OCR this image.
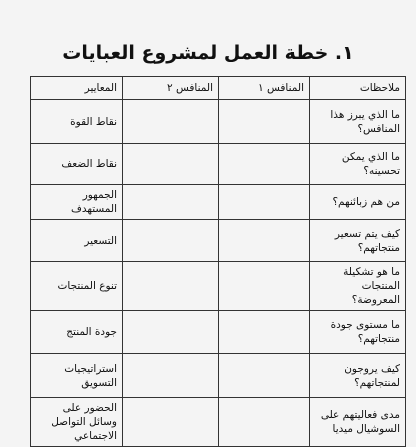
١. خطة العمل لمشروع العبايات
ملاحظات	المنافس ١	المنافس ٢	المعايير
ما الذي يبرز هذا المنافس؟			نقاط القوة
ما الذي يمكن تحسينه؟			نقاط الضعف
من هم زبائنهم؟			الجمهور المستهدف
كيف يتم تسعير منتجاتهم؟			التسعير
ما هو تشكيلة المنتجات المعروضة؟			تنوع المنتجات
ما مستوى جودة منتجاتهم؟			جودة المنتج
كيف يروجون لمنتجاتهم؟			استراتيجيات التسويق
مدى فعاليتهم على السوشيال ميديا			الحضور على وسائل التواصل الاجتماعي
